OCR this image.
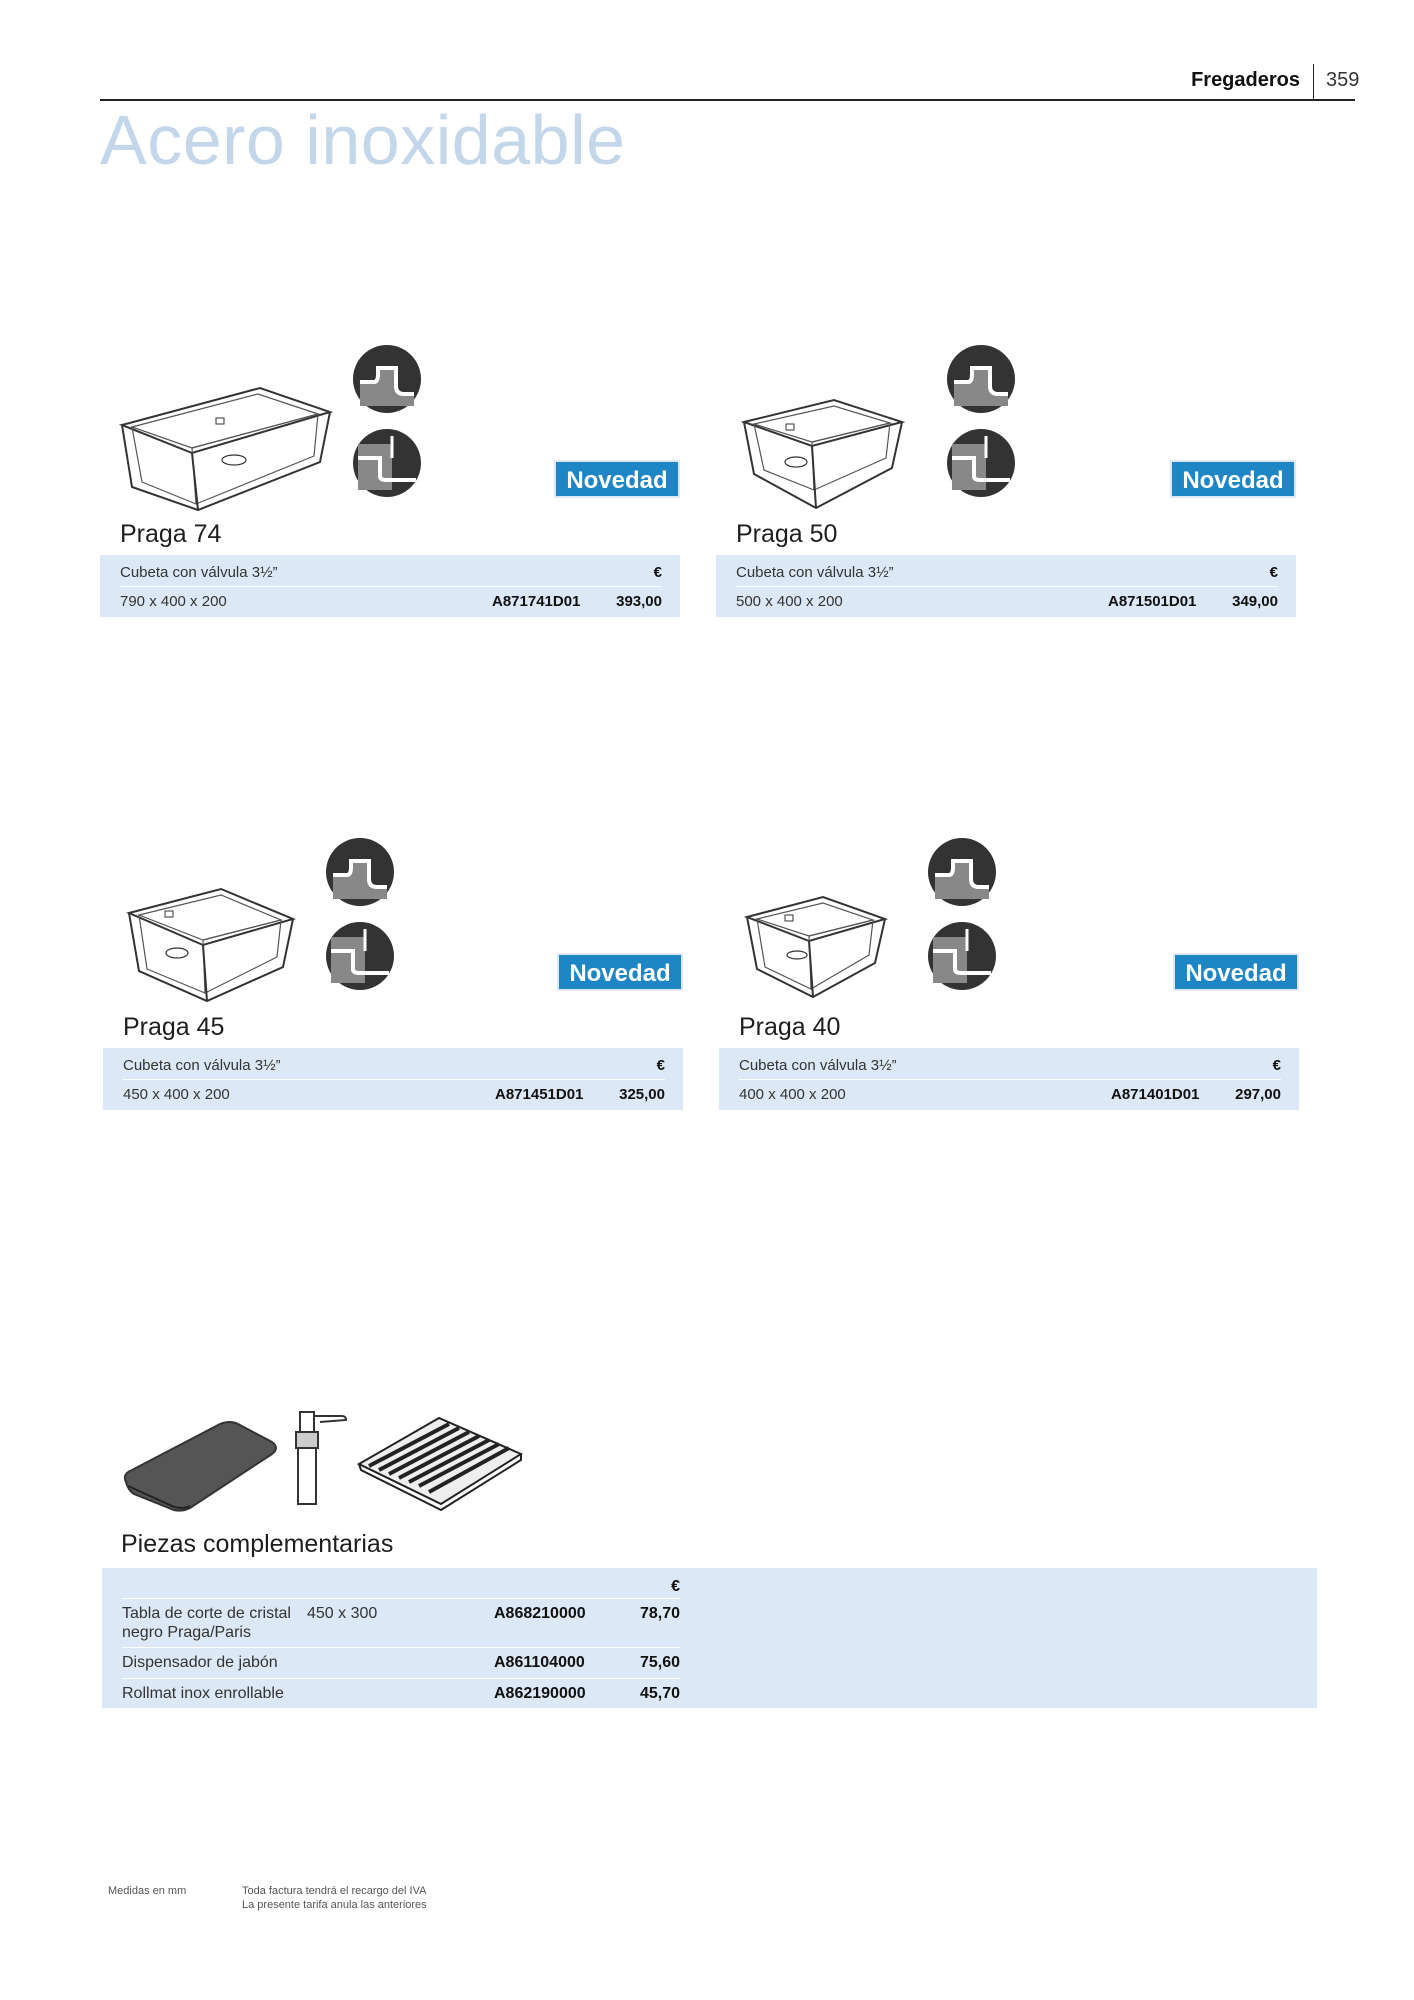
Fregaderos 359
Acero inoxidable
Novedad
Praga 74
Cubeta con válvula 3½”	€
790 x 400 x 200	A871741D01 393,00
Novedad
Praga 50
Cubeta con válvula 3½”	€
500 x 400 x 200	A871501D01 349,00
Novedad
Praga 45
Cubeta con válvula 3½”	€
450 x 400 x 200	A871451D01 325,00
Novedad
Praga 40
Cubeta con válvula 3½”	€
400 x 400 x 200	A871401D01 297,00
Piezas complementarias
€
Tabla de corte de cristal
negro Praga/Paris
450 x 300	A868210000	78,70
Dispensador de jabón	A861104000	75,60
Rollmat inox enrollable	A862190000	45,70
Medidas en mm	Toda factura tendrá el recargo del IVA
La presente tarifa anula las anteriores
